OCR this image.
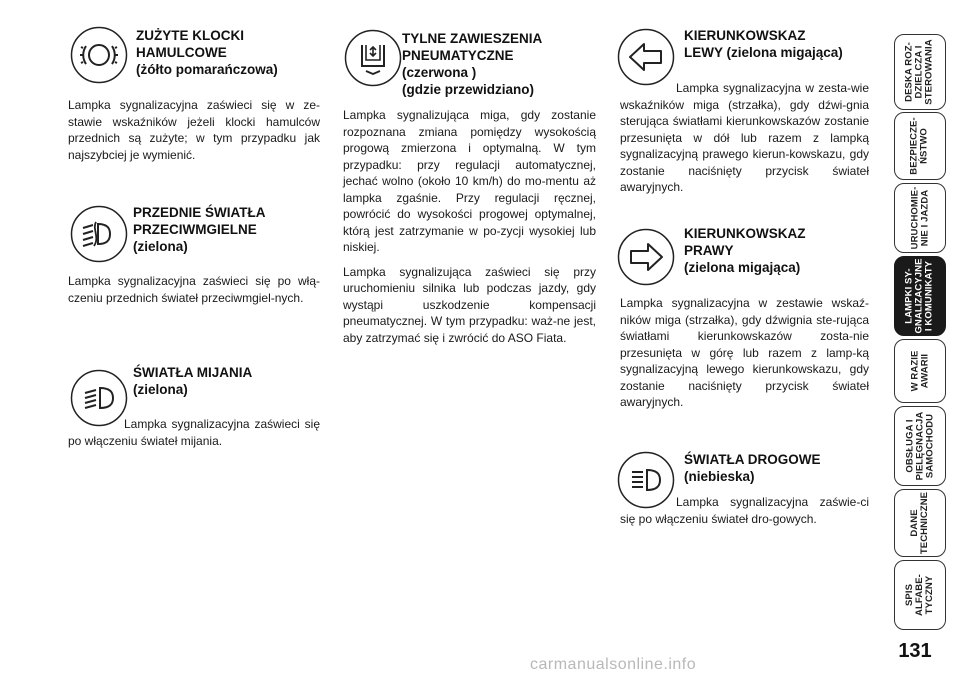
ZUŻYTE KLOCKI
HAMULCOWE
(żółto pomarańczowa)

Lampka sygnalizacyjna zaświeci się w ze-stawie wskaźników jeżeli klocki hamulców przednich są zużyte; w tym przypadku jak najszybciej je wymienić.

PRZEDNIE ŚWIATŁA
PRZECIWMGIELNE
(zielona)

Lampka sygnalizacyjna zaświeci się po włą-czeniu przednich świateł przeciwmgiel-nych.

ŚWIATŁA MIJANIA
(zielona)

Lampka sygnalizacyjna zaświeci się po włączeniu świateł mijania.

TYLNE ZAWIESZENIA
PNEUMATYCZNE
(czerwona )
(gdzie przewidziano)

Lampka sygnalizująca miga, gdy zostanie rozpoznana zmiana pomiędzy wysokością progową zmierzona i optymalną. W tym przypadku: przy regulacji automatycznej, jechać wolno (około 10 km/h) do mo-mentu aż lampka zgaśnie. Przy regulacji ręcznej, powrócić do wysokości progowej optymalnej, którą jest zatrzymanie w po-zycji wysokiej lub niskiej.

Lampka sygnalizująca zaświeci się przy uruchomieniu silnika lub podczas jazdy, gdy wystąpi uszkodzenie kompensacji pneumatycznej. W tym przypadku: waż-ne jest, aby zatrzymać się i zwrócić do ASO Fiata.

KIERUNKOWSKAZ
LEWY (zielona migająca)

Lampka sygnalizacyjna w zesta-wie wskaźników miga (strzałka), gdy dźwi-gnia sterująca światłami kierunkowskazów zostanie przesunięta w dół lub razem z lampką sygnalizacyjną prawego kierun-kowskazu, gdy zostanie naciśnięty przycisk świateł awaryjnych.

KIERUNKOWSKAZ
PRAWY
(zielona migająca)

Lampka sygnalizacyjna w zestawie wskaź-ników miga (strzałka), gdy dźwignia ste-rująca światłami kierunkowskazów zosta-nie przesunięta w górę lub razem z lamp-ką sygnalizacyjną lewego kierunkowskazu, gdy zostanie naciśnięty przycisk świateł awaryjnych.

ŚWIATŁA DROGOWE
(niebieska)

Lampka sygnalizacyjna zaświe-ci się po włączeniu świateł dro-gowych.

DESKA ROZ-
DZIELCZA I
STEROWANIA
BEZPIECZE-
ŃSTWO
URUCHOMIE-
NIE I JAZDA
LAMPKI SY-
GNALIZACYJNE
I KOMUNIKATY
W RAZIE
AWARII
OBSŁUGA I
PIELĘGNACJA
SAMOCHODU
DANE
TECHNICZNE
SPIS ALFABE-
TYCZNY
131
carmanualsonline.info
